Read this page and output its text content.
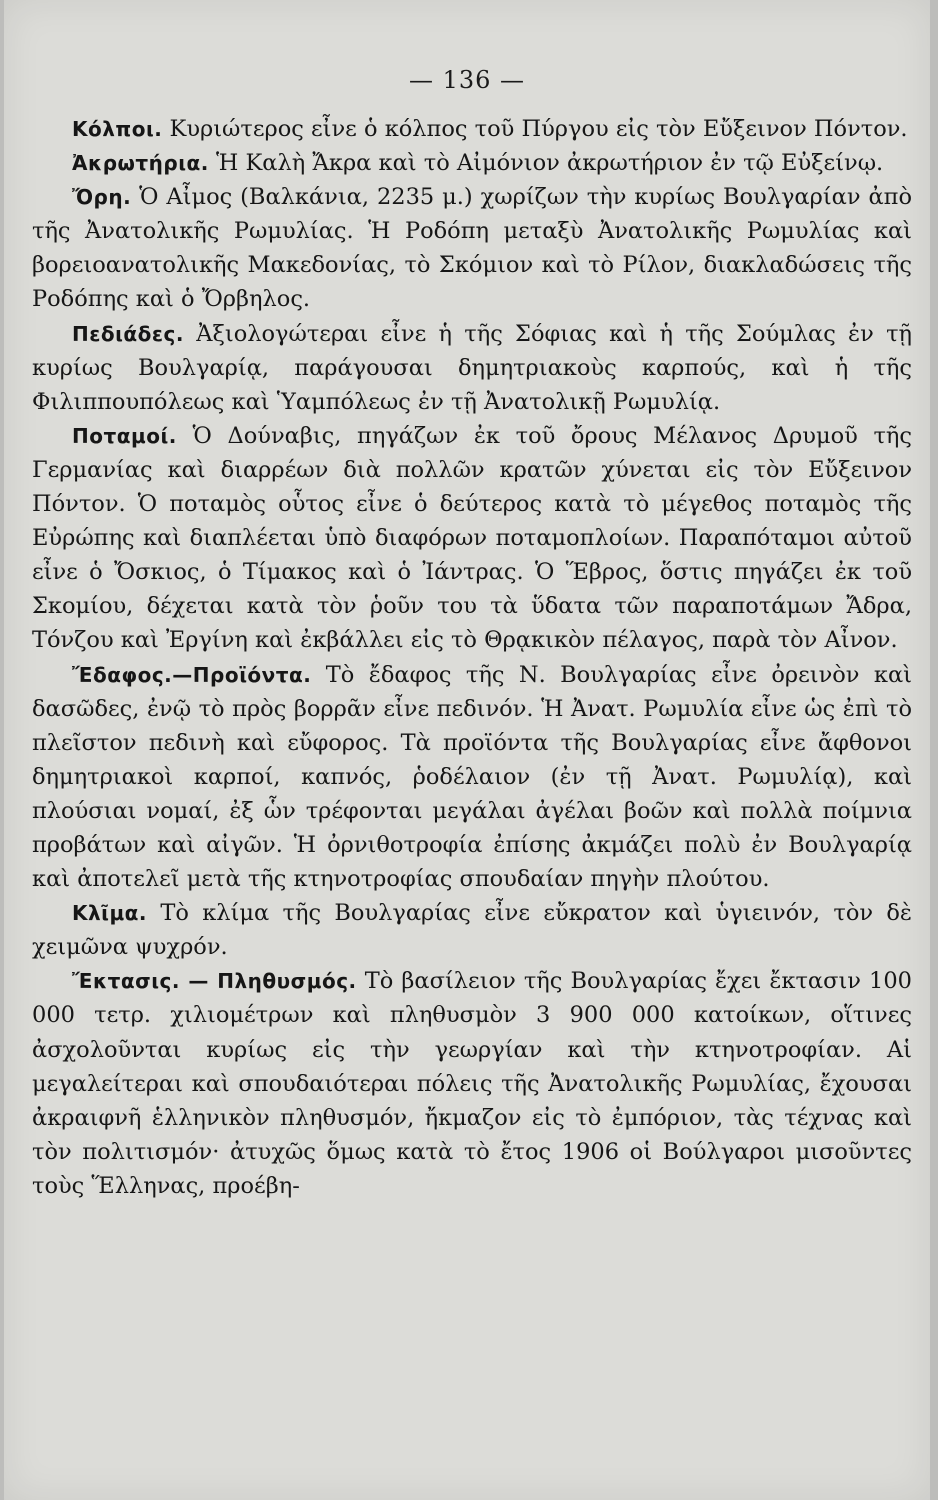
— 136 —

Κόλποι. Κυριώτερος εἶνε ὁ κόλπος τοῦ Πύργου εἰς τὸν Εὔξεινον Πόντον.

Ἀκρωτήρια. Ἡ Καλὴ Ἄκρα καὶ τὸ Αἰμόνιον ἀκρωτήριον ἐν τῷ Εὐξείνῳ.

Ὄρη. Ὁ Αἶμος (Βαλκάνια, 2235 μ.) χωρίζων τὴν κυρίως Βουλγαρίαν ἀπὸ τῆς Ἀνατολικῆς Ρωμυλίας. Ἡ Ροδόπη μεταξὺ Ἀνατολικῆς Ρωμυλίας καὶ βορειοανατολικῆς Μακεδονίας, τὸ Σκόμιον καὶ τὸ Ρίλον, διακλαδώσεις τῆς Ροδόπης καὶ ὁ Ὄρβηλος.

Πεδιάδες. Ἀξιολογώτεραι εἶνε ἡ τῆς Σόφιας καὶ ἡ τῆς Σούμλας ἐν τῇ κυρίως Βουλγαρίᾳ, παράγουσαι δημητριακοὺς καρπούς, καὶ ἡ τῆς Φιλιππουπόλεως καὶ Ὑαμπόλεως ἐν τῇ Ἀνατολικῇ Ρωμυλίᾳ.

Ποταμοί. Ὁ Δούναβις, πηγάζων ἐκ τοῦ ὄρους Μέλανος Δρυμοῦ τῆς Γερμανίας καὶ διαρρέων διὰ πολλῶν κρατῶν χύνεται εἰς τὸν Εὔξεινον Πόντον. Ὁ ποταμὸς οὗτος εἶνε ὁ δεύτερος κατὰ τὸ μέγεθος ποταμὸς τῆς Εὐρώπης καὶ διαπλέεται ὑπὸ διαφόρων ποταμοπλοίων. Παραπόταμοι αὐτοῦ εἶνε ὁ Ὄσκιος, ὁ Τίμακος καὶ ὁ Ἰάντρας. Ὁ Ἕβρος, ὅστις πηγάζει ἐκ τοῦ Σκομίου, δέχεται κατὰ τὸν ῥοῦν του τὰ ὕδατα τῶν παραποτάμων Ἄδρα, Τόνζου καὶ Ἐργίνη καὶ ἐκβάλλει εἰς τὸ Θρᾳκικὸν πέλαγος, παρὰ τὸν Αἶνον.

Ἔδαφος.—Προϊόντα. Τὸ ἔδαφος τῆς Ν. Βουλγαρίας εἶνε ὀρεινὸν καὶ δασῶδες, ἐνῷ τὸ πρὸς βορρᾶν εἶνε πεδινόν. Ἡ Ἀνατ. Ρωμυλία εἶνε ὡς ἐπὶ τὸ πλεῖστον πεδινὴ καὶ εὔφορος. Τὰ προϊόντα τῆς Βουλγαρίας εἶνε ἄφθονοι δημητριακοὶ καρποί, καπνός, ῥοδέλαιον (ἐν τῇ Ἀνατ. Ρωμυλίᾳ), καὶ πλούσιαι νομαί, ἐξ ὧν τρέφονται μεγάλαι ἀγέλαι βοῶν καὶ πολλὰ ποίμνια προβάτων καὶ αἰγῶν. Ἡ ὀρνιθοτροφία ἐπίσης ἀκμάζει πολὺ ἐν Βουλγαρίᾳ καὶ ἀποτελεῖ μετὰ τῆς κτηνοτροφίας σπουδαίαν πηγὴν πλούτου.

Κλῖμα. Τὸ κλίμα τῆς Βουλγαρίας εἶνε εὔκρατον καὶ ὑγιεινόν, τὸν δὲ χειμῶνα ψυχρόν.

Ἔκτασις. — Πληθυσμός. Τὸ βασίλειον τῆς Βουλγαρίας ἔχει ἔκτασιν 100 000 τετρ. χιλιομέτρων καὶ πληθυσμὸν 3 900 000 κατοίκων, οἵτινες ἀσχολοῦνται κυρίως εἰς τὴν γεωργίαν καὶ τὴν κτηνοτροφίαν. Αἱ μεγαλείτεραι καὶ σπουδαιότεραι πόλεις τῆς Ἀνατολικῆς Ρωμυλίας, ἔχουσαι ἀκραιφνῆ ἑλληνικὸν πληθυσμόν, ἤκμαζον εἰς τὸ ἐμπόριον, τὰς τέχνας καὶ τὸν πολιτισμόν· ἀτυχῶς ὅμως κατὰ τὸ ἔτος 1906 οἱ Βούλγαροι μισοῦντες τοὺς Ἕλληνας, προέβη-
